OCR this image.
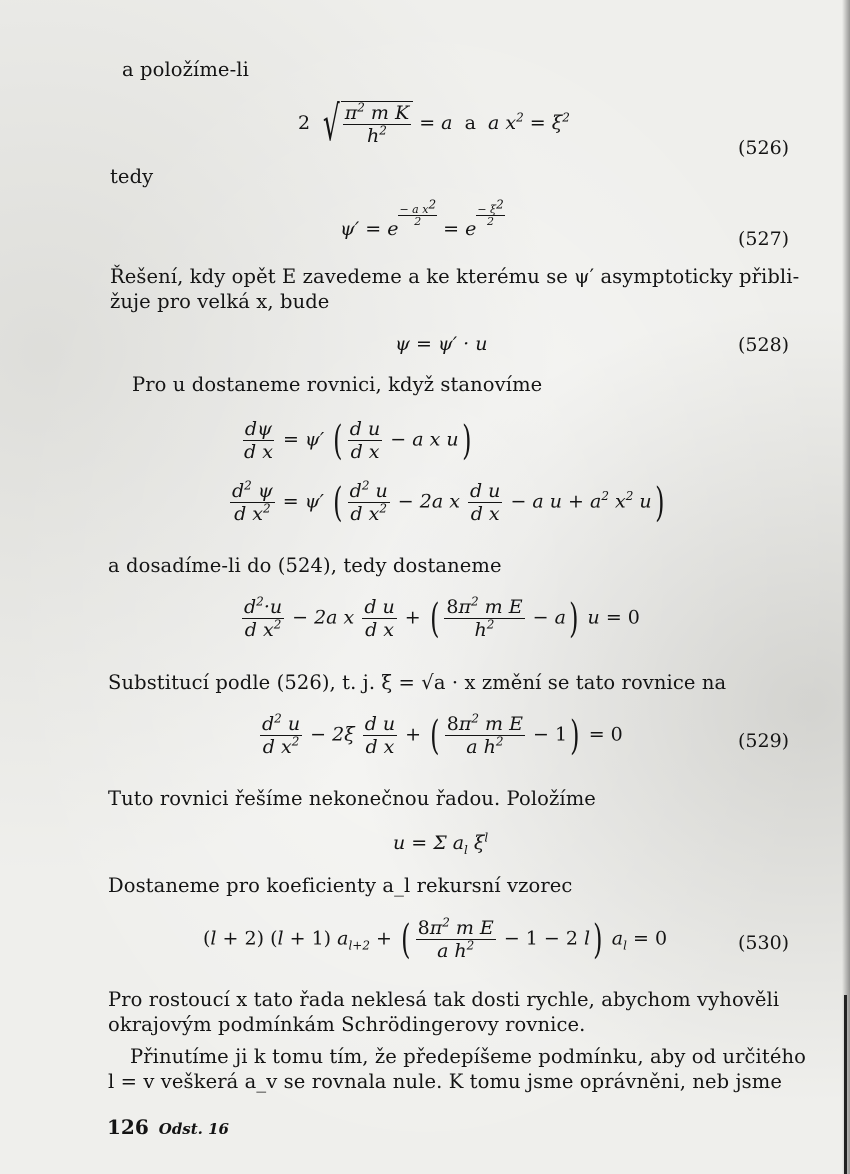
a položíme-li
2 √ $\frac{\pi^2 m K}{h^2} = a$  a  a $x^2 = \xi^2$
(526)
tedy
ψ′ = e
$\frac{- a x^2}{2}$
= e
$\frac{- \xi^2}{2}$
(527)
Řešení, kdy opět E zavedeme a ke kterému se ψ′ asymptoticky přibli-
žuje pro velká x, bude
ψ = ψ′ · u	(528)
Pro u dostaneme rovnici, když stanovíme
$\frac{d\psi}{\text{d x}} = \psi'$ ( $\frac{\text{d u}}{\text{d x}} - a$ x u)
$\frac{d^2 \psi}{d x^2} = \psi'$ ( $\frac{d^2 u}{d x^2} - 2a$ x $\frac{\text{d u}}{\text{d x}} - a$ $u + a^2$ $x^2$ u)
a dosadíme-li do (524), tedy dostaneme
$\frac{d^2\cdot u}{d x^2} - 2a$ x $\frac{\text{d u}}{\text{d x}}$ + ( $\frac{8\pi^2 m E}{h^2} - a$) u = 0
Substitucí podle (526), t. j. ξ = √a · x změní se tato rovnice na
$\frac{d^2 u}{d x^2} - 2\xi \frac{\text{d u}}{\text{d x}}$ + ( $\frac{8\pi^2 m E}{a h^2} - 1) = 0$	(529)
Tuto rovnici řešíme nekonečnou řadou. Položíme
u = Σ $a_l$ $\xi^l$
Dostaneme pro koeficienty a_l rekursní vzorec
(l + 2) (l + 1) $a_{l+2}$ + ( $\frac{8\pi^2 m E}{a h^2} - 1 - 2$ l) $a_l = 0$	(530)
Pro rostoucí x tato řada neklesá tak dosti rychle, abychom vyhověli
okrajovým podmínkám Schrödingerovy rovnice.
Přinutíme ji k tomu tím, že předepíšeme podmínku, aby od určitého
l = v veškerá a_v se rovnala nule. K tomu jsme oprávněni, neb jsme
126 Odst. 16
